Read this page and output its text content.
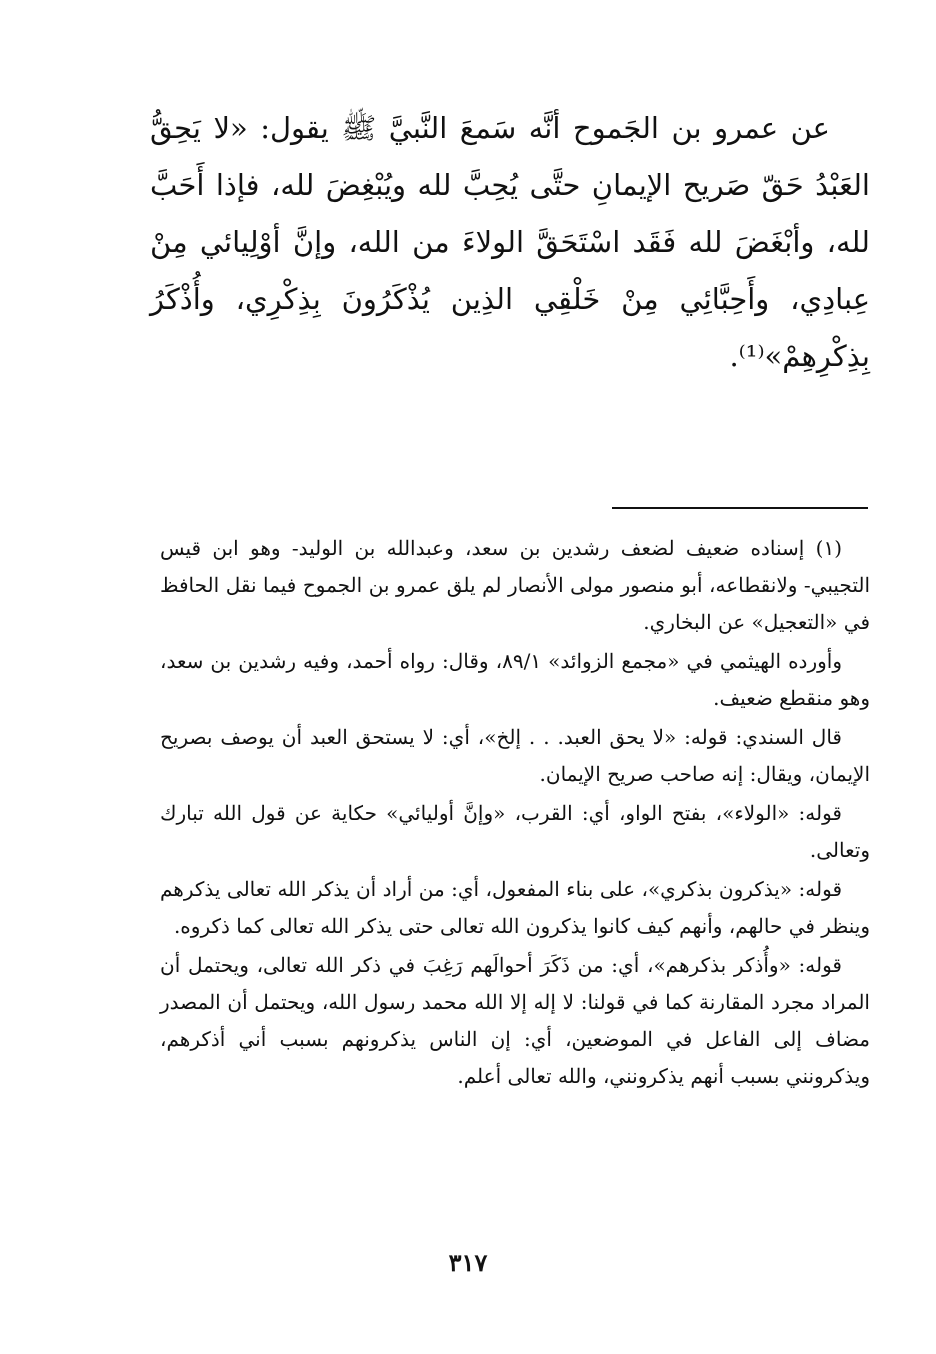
عن عمرو بن الجَموح أنَّه سَمعَ النَّبيَّ ﷺ يقول: «لا يَحِقُّ العَبْدُ حَقّ صَريح الإيمانِ حتَّى يُحِبَّ لله ويُبْغِضَ لله، فإذا أَحَبَّ لله، وأبْغَضَ لله فَقَد اسْتَحَقَّ الولاءَ من الله، وإنَّ أوْلِيائي مِنْ عِبادِي، وأَحِبَّائِي مِنْ خَلْقِي الذِين يُذْكَرُونَ بِذِكْرِي، وأُذْكَرُ بِذِكْرِهِمْ»⁽¹⁾.

(١) إسناده ضعيف لضعف رشدين بن سعد، وعبدالله بن الوليد- وهو ابن قيس التجيبي- ولانقطاعه، أبو منصور مولى الأنصار لم يلق عمرو بن الجموح فيما نقل الحافظ في «التعجيل» عن البخاري.

وأورده الهيثمي في «مجمع الزوائد» ٨٩/١، وقال: رواه أحمد، وفيه رشدين بن سعد، وهو منقطع ضعيف.

قال السندي: قوله: «لا يحق العبد. . . إلخ»، أي: لا يستحق العبد أن يوصف بصريح الإيمان، ويقال: إنه صاحب صريح الإيمان.

قوله: «الولاء»، بفتح الواو، أي: القرب، «وإنَّ أوليائي» حكاية عن قول الله تبارك وتعالى.

قوله: «يذكرون بذكري»، على بناء المفعول، أي: من أراد أن يذكر الله تعالى يذكرهم وينظر في حالهم، وأنهم كيف كانوا يذكرون الله تعالى حتى يذكر الله تعالى كما ذكروه.

قوله: «وأُذكر بذكرهم»، أي: من ذَكَرَ أحوالَهم رَغِبَ في ذكر الله تعالى، ويحتمل أن المراد مجرد المقارنة كما في قولنا: لا إله إلا الله محمد رسول الله، ويحتمل أن المصدر مضاف إلى الفاعل في الموضعين، أي: إن الناس يذكرونهم بسبب أني أذكرهم، ويذكرونني بسبب أنهم يذكرونني، والله تعالى أعلم.

٣١٧
